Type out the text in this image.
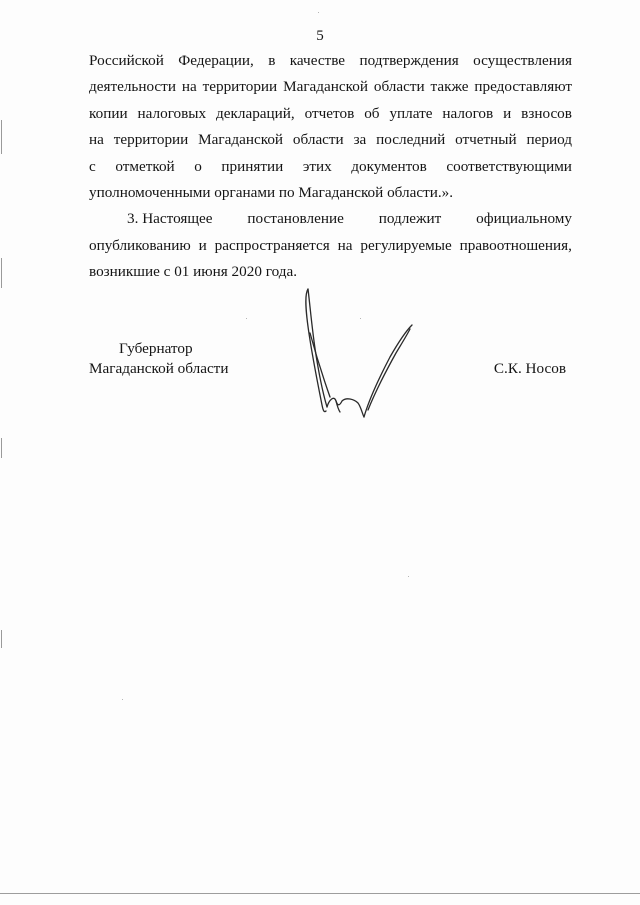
5
Российской Федерации, в качестве подтверждения осуществления
деятельности на территории Магаданской области также предоставляют
копии налоговых деклараций, отчетов об уплате налогов и взносов
на территории Магаданской области за последний отчетный период
с отметкой о принятии этих документов соответствующими
уполномоченными органами по Магаданской области.».
3. Настоящее постановление подлежит официальному
опубликованию и распространяется на регулируемые правоотношения,
возникшие с 01 июня 2020 года.
Губернатор
Магаданской области	С.К. Носов
